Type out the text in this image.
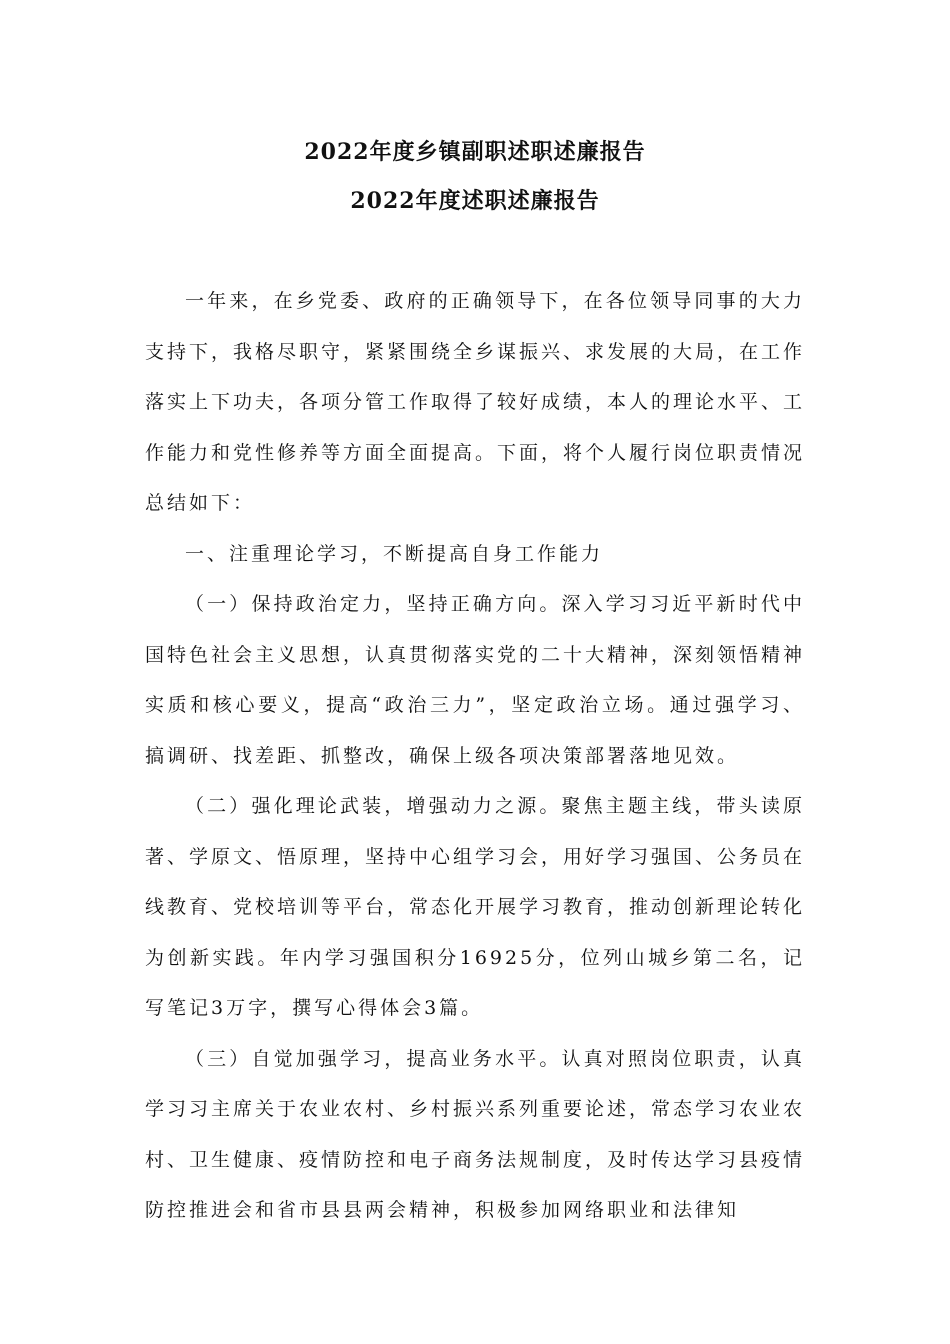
2022年度乡镇副职述职述廉报告
2022年度述职述廉报告

一年来，在乡党委、政府的正确领导下，在各位领导同事的大力支持下，我格尽职守，紧紧围绕全乡谋振兴、求发展的大局，在工作落实上下功夫，各项分管工作取得了较好成绩，本人的理论水平、工作能力和党性修养等方面全面提高。下面，将个人履行岗位职责情况总结如下：

一、注重理论学习，不断提高自身工作能力

（一）保持政治定力，坚持正确方向。深入学习习近平新时代中国特色社会主义思想，认真贯彻落实党的二十大精神，深刻领悟精神实质和核心要义，提高“政治三力”，坚定政治立场。通过强学习、搞调研、找差距、抓整改，确保上级各项决策部署落地见效。

（二）强化理论武装，增强动力之源。聚焦主题主线，带头读原著、学原文、悟原理，坚持中心组学习会，用好学习强国、公务员在线教育、党校培训等平台，常态化开展学习教育，推动创新理论转化为创新实践。年内学习强国积分16925分，位列山城乡第二名，记写笔记3万字，撰写心得体会3篇。

（三）自觉加强学习，提高业务水平。认真对照岗位职责，认真学习习主席关于农业农村、乡村振兴系列重要论述，常态学习农业农村、卫生健康、疫情防控和电子商务法规制度，及时传达学习县疫情防控推进会和省市县县两会精神，积极参加网络职业和法律知
